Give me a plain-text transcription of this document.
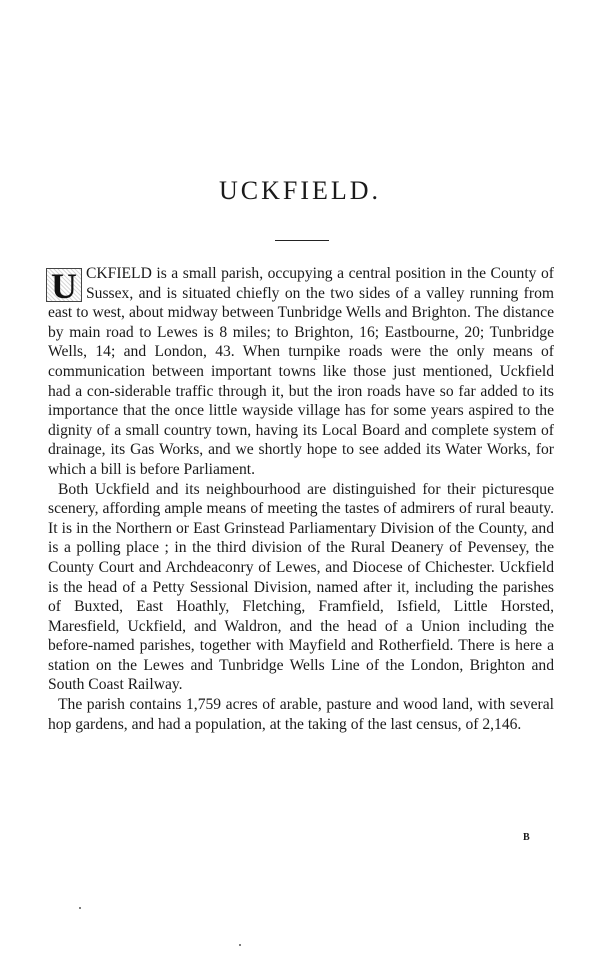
UCKFIELD.

U CKFIELD is a small parish, occupying a central position in the County of Sussex, and is situated chiefly on the two sides of a valley running from east to west, about midway between Tunbridge Wells and Brighton. The distance by main road to Lewes is 8 miles; to Brighton, 16; Eastbourne, 20; Tunbridge Wells, 14; and London, 43. When turnpike roads were the only means of communication between important towns like those just mentioned, Uckfield had a con-siderable traffic through it, but the iron roads have so far added to its importance that the once little wayside village has for some years aspired to the dignity of a small country town, having its Local Board and complete system of drainage, its Gas Works, and we shortly hope to see added its Water Works, for which a bill is before Parliament.

Both Uckfield and its neighbourhood are distinguished for their picturesque scenery, affording ample means of meeting the tastes of admirers of rural beauty. It is in the Northern or East Grinstead Parliamentary Division of the County, and is a polling place ; in the third division of the Rural Deanery of Pevensey, the County Court and Archdeaconry of Lewes, and Diocese of Chichester. Uckfield is the head of a Petty Sessional Division, named after it, including the parishes of Buxted, East Hoathly, Fletching, Framfield, Isfield, Little Horsted, Maresfield, Uckfield, and Waldron, and the head of a Union including the before-named parishes, together with Mayfield and Rotherfield. There is here a station on the Lewes and Tunbridge Wells Line of the London, Brighton and South Coast Railway.

The parish contains 1,759 acres of arable, pasture and wood land, with several hop gardens, and had a population, at the taking of the last census, of 2,146.

B
